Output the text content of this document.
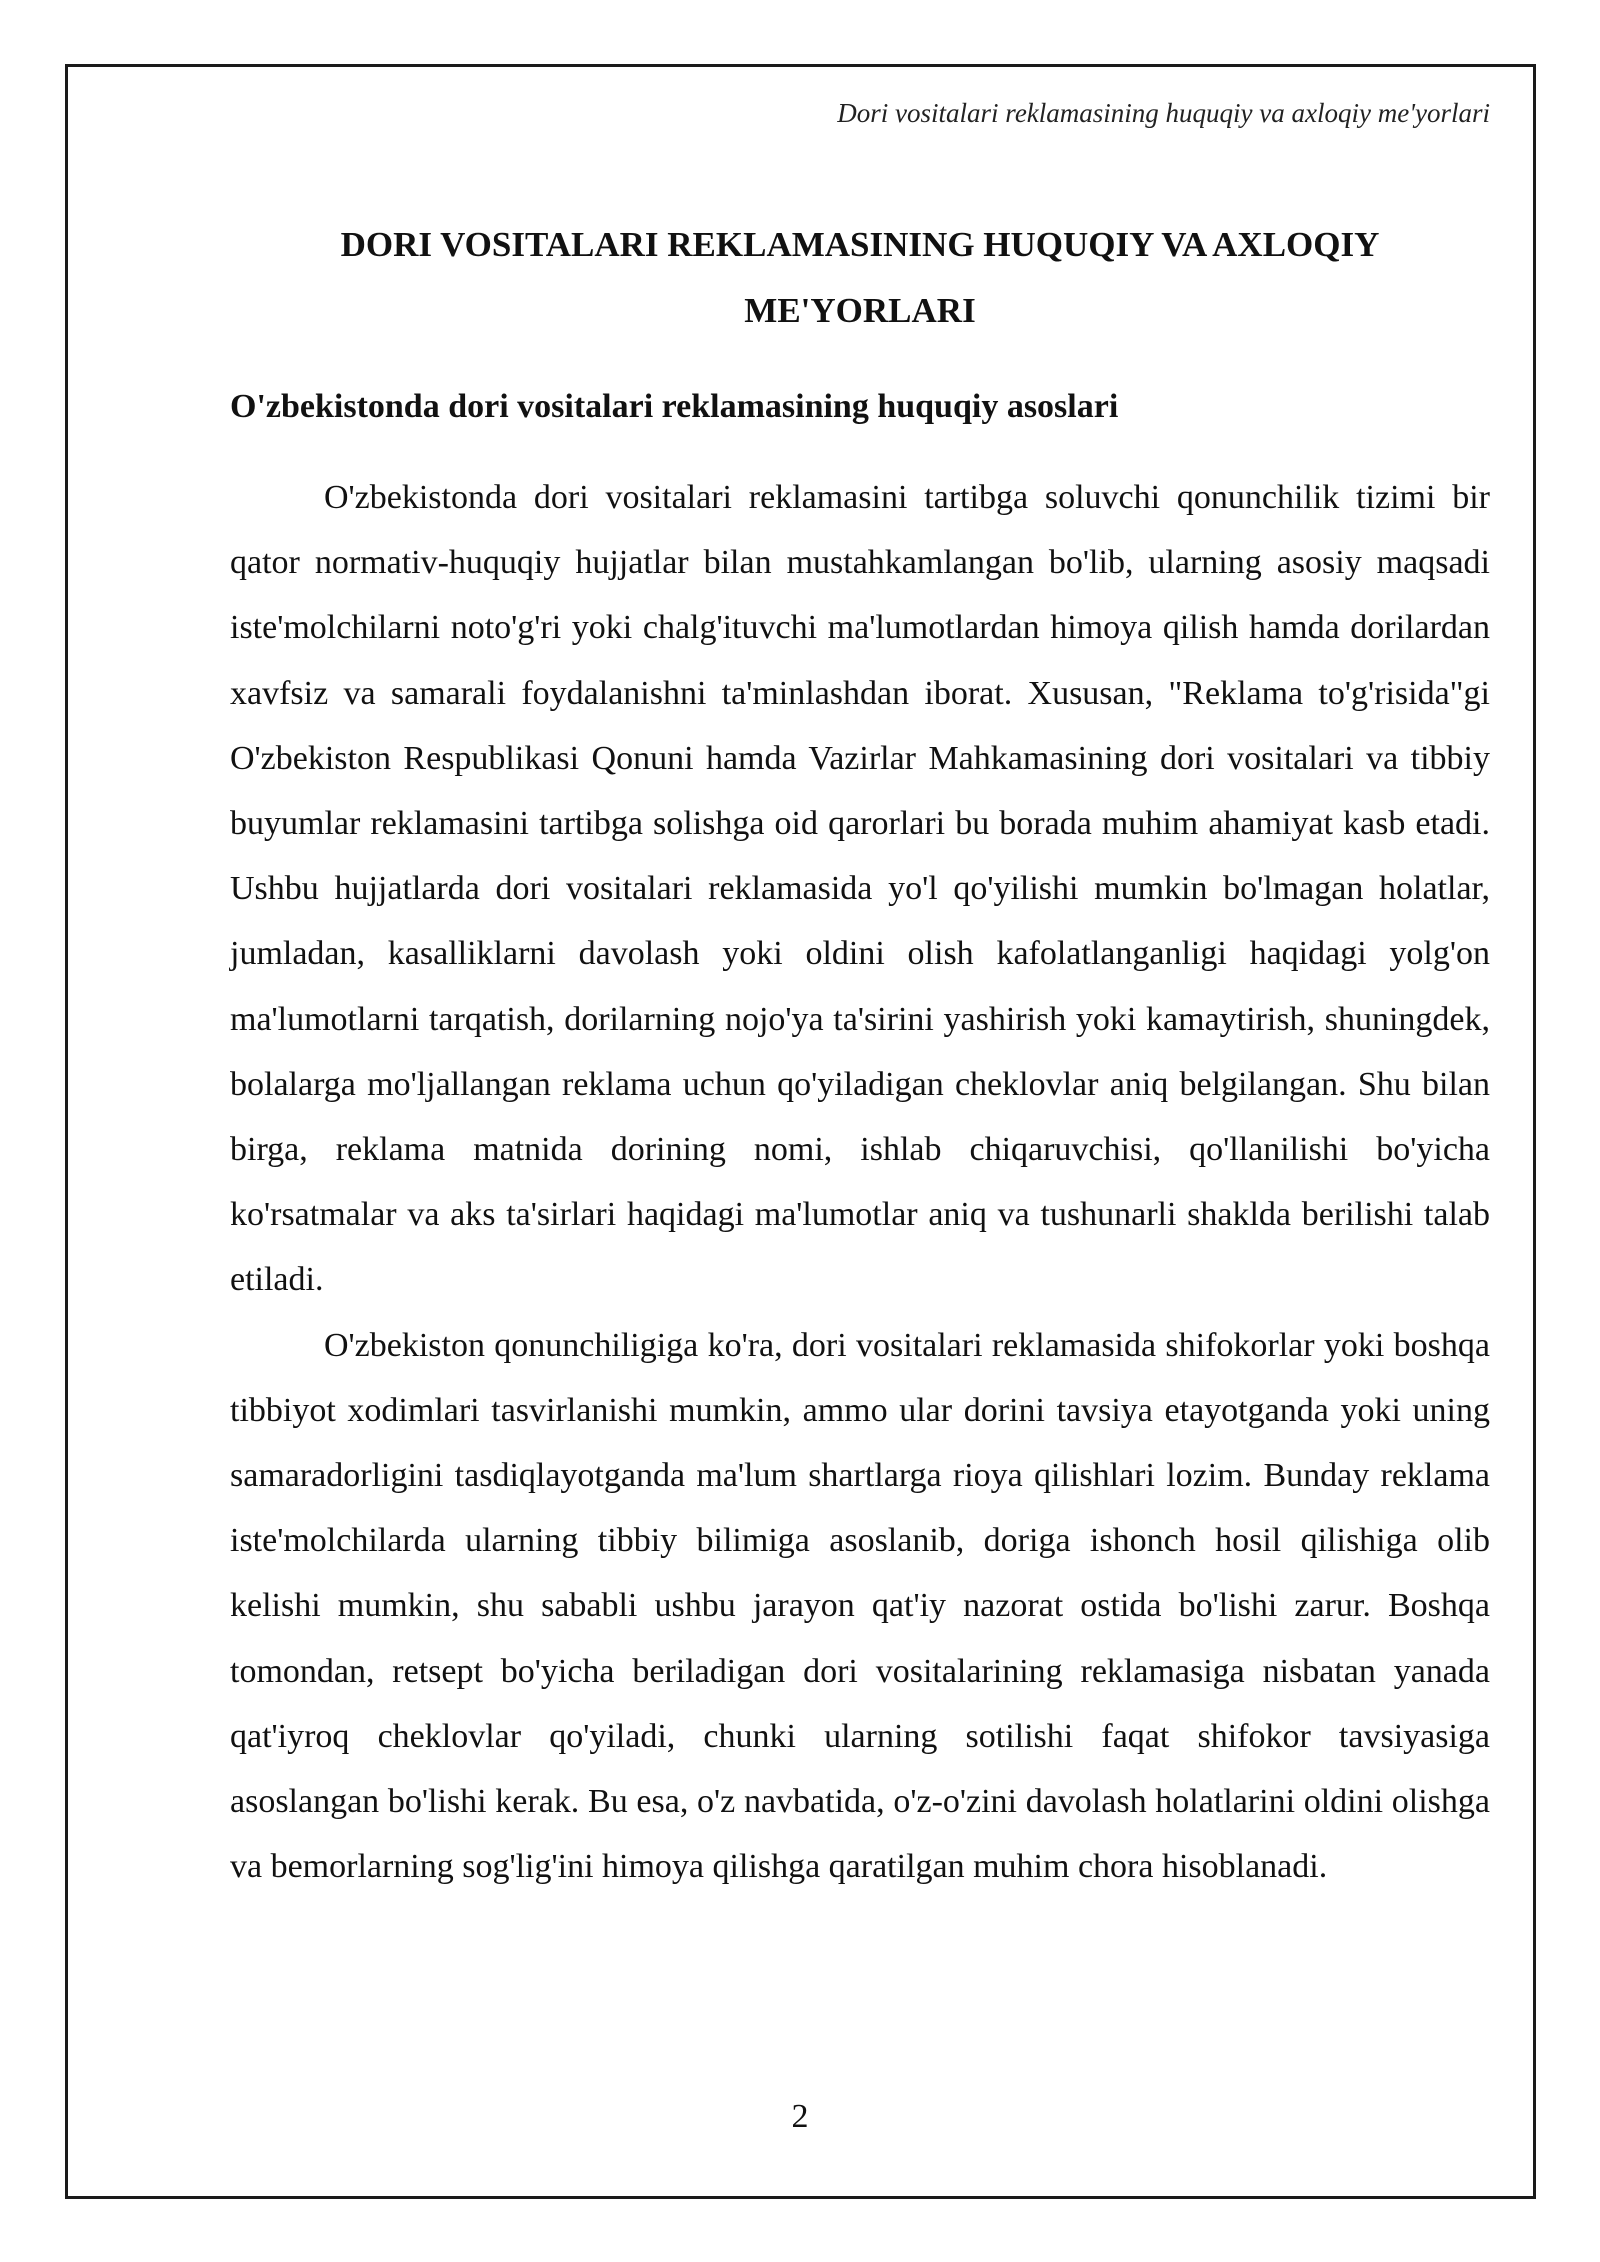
Dori vositalari reklamasining huquqiy va axloqiy me'yorlari
DORI VOSITALARI REKLAMASINING HUQUQIY VA AXLOQIY
ME'YORLARI
O'zbekistonda dori vositalari reklamasining huquqiy asoslari

O'zbekistonda dori vositalari reklamasini tartibga soluvchi qonunchilik tizimi bir qator normativ-huquqiy hujjatlar bilan mustahkamlangan bo'lib, ularning asosiy maqsadi iste'molchilarni noto'g'ri yoki chalg'ituvchi ma'lumotlardan himoya qilish hamda dorilardan xavfsiz va samarali foydalanishni ta'minlashdan iborat. Xususan, "Reklama to'g'risida"gi O'zbekiston Respublikasi Qonuni hamda Vazirlar Mahkamasining dori vositalari va tibbiy buyumlar reklamasini tartibga solishga oid qarorlari bu borada muhim ahamiyat kasb etadi. Ushbu hujjatlarda dori vositalari reklamasida yo'l qo'yilishi mumkin bo'lmagan holatlar, jumladan, kasalliklarni davolash yoki oldini olish kafolatlanganligi haqidagi yolg'on ma'lumotlarni tarqatish, dorilarning nojo'ya ta'sirini yashirish yoki kamaytirish, shuningdek, bolalarga mo'ljallangan reklama uchun qo'yiladigan cheklovlar aniq belgilangan. Shu bilan birga, reklama matnida dorining nomi, ishlab chiqaruvchisi, qo'llanilishi bo'yicha ko'rsatmalar va aks ta'sirlari haqidagi ma'lumotlar aniq va tushunarli shaklda berilishi talab etiladi.

O'zbekiston qonunchiligiga ko'ra, dori vositalari reklamasida shifokorlar yoki boshqa tibbiyot xodimlari tasvirlanishi mumkin, ammo ular dorini tavsiya etayotganda yoki uning samaradorligini tasdiqlayotganda ma'lum shartlarga rioya qilishlari lozim. Bunday reklama iste'molchilarda ularning tibbiy bilimiga asoslanib, doriga ishonch hosil qilishiga olib kelishi mumkin, shu sababli ushbu jarayon qat'iy nazorat ostida bo'lishi zarur. Boshqa tomondan, retsept bo'yicha beriladigan dori vositalarining reklamasiga nisbatan yanada qat'iyroq cheklovlar qo'yiladi, chunki ularning sotilishi faqat shifokor tavsiyasiga asoslangan bo'lishi kerak. Bu esa, o'z navbatida, o'z-o'zini davolash holatlarini oldini olishga va bemorlarning sog'lig'ini himoya qilishga qaratilgan muhim chora hisoblanadi.

2
